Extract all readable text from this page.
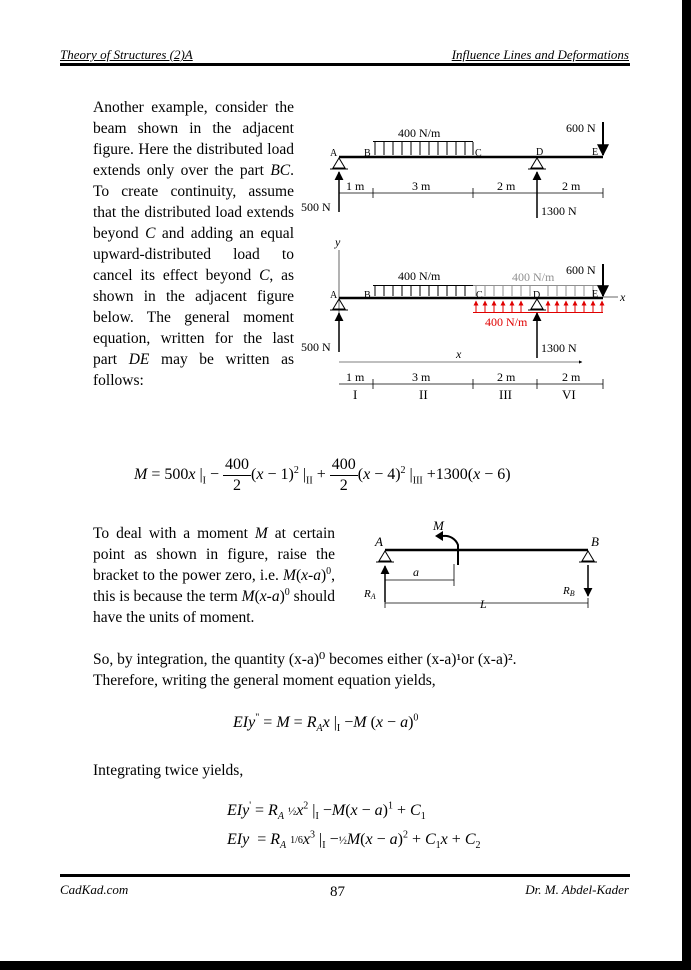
Theory of Structures (2)A	Influence Lines and Deformations

Another example, consider the beam shown in the adjacent figure. Here the distributed load extends only over the part BC. To create continuity, assume that the distributed load extends beyond C and adding an equal upward-distributed load to cancel its effect beyond C, as shown in the adjacent figure below. The general moment equation, written for the last part DE may be written as follows:

400 N/m	600 N
500 N	1300 N
A	B	C	D	E
1 m	3 m	2 m	2 m
y
x
400 N/m	400 N/m
400 N/m
600 N
500 N	1300 N
A	B	C	D	E
x
1 m	3 m	2 m	2 m
I	II	III	VI
M = 500x $|_I - \frac{400}{2} (x - 1)^2$ $|_{II} + \frac{400}{2} (x - 4)^2$ $|_{III} +1300(x - 6)$

To deal with a moment M at certain point as shown in figure, raise the bracket to the power zero, i.e. $M(x-a)^0$, this is because the term $M(x-a)^0$ should have the units of moment.

A	B
M
a
L
RA	RB

So, by integration, the quantity (x-a)⁰ becomes either (x-a)¹or (x-a)².

Therefore, writing the general moment equation yields,

$EIy^" = M = R_Ax$ $|_I -M$ $(x - a)^0$

Integrating twice yields,

$EIy' = R_A$ $\frac{1}{2}x^2$ $|_I -M(x - a)^1 + C_1$
EIy  = $R_A$ $1/6x^3$ $|_I$ −½M(x − $a)^2 + C_1x + C_2$
CadKad.com	87	Dr. M. Abdel-Kader
